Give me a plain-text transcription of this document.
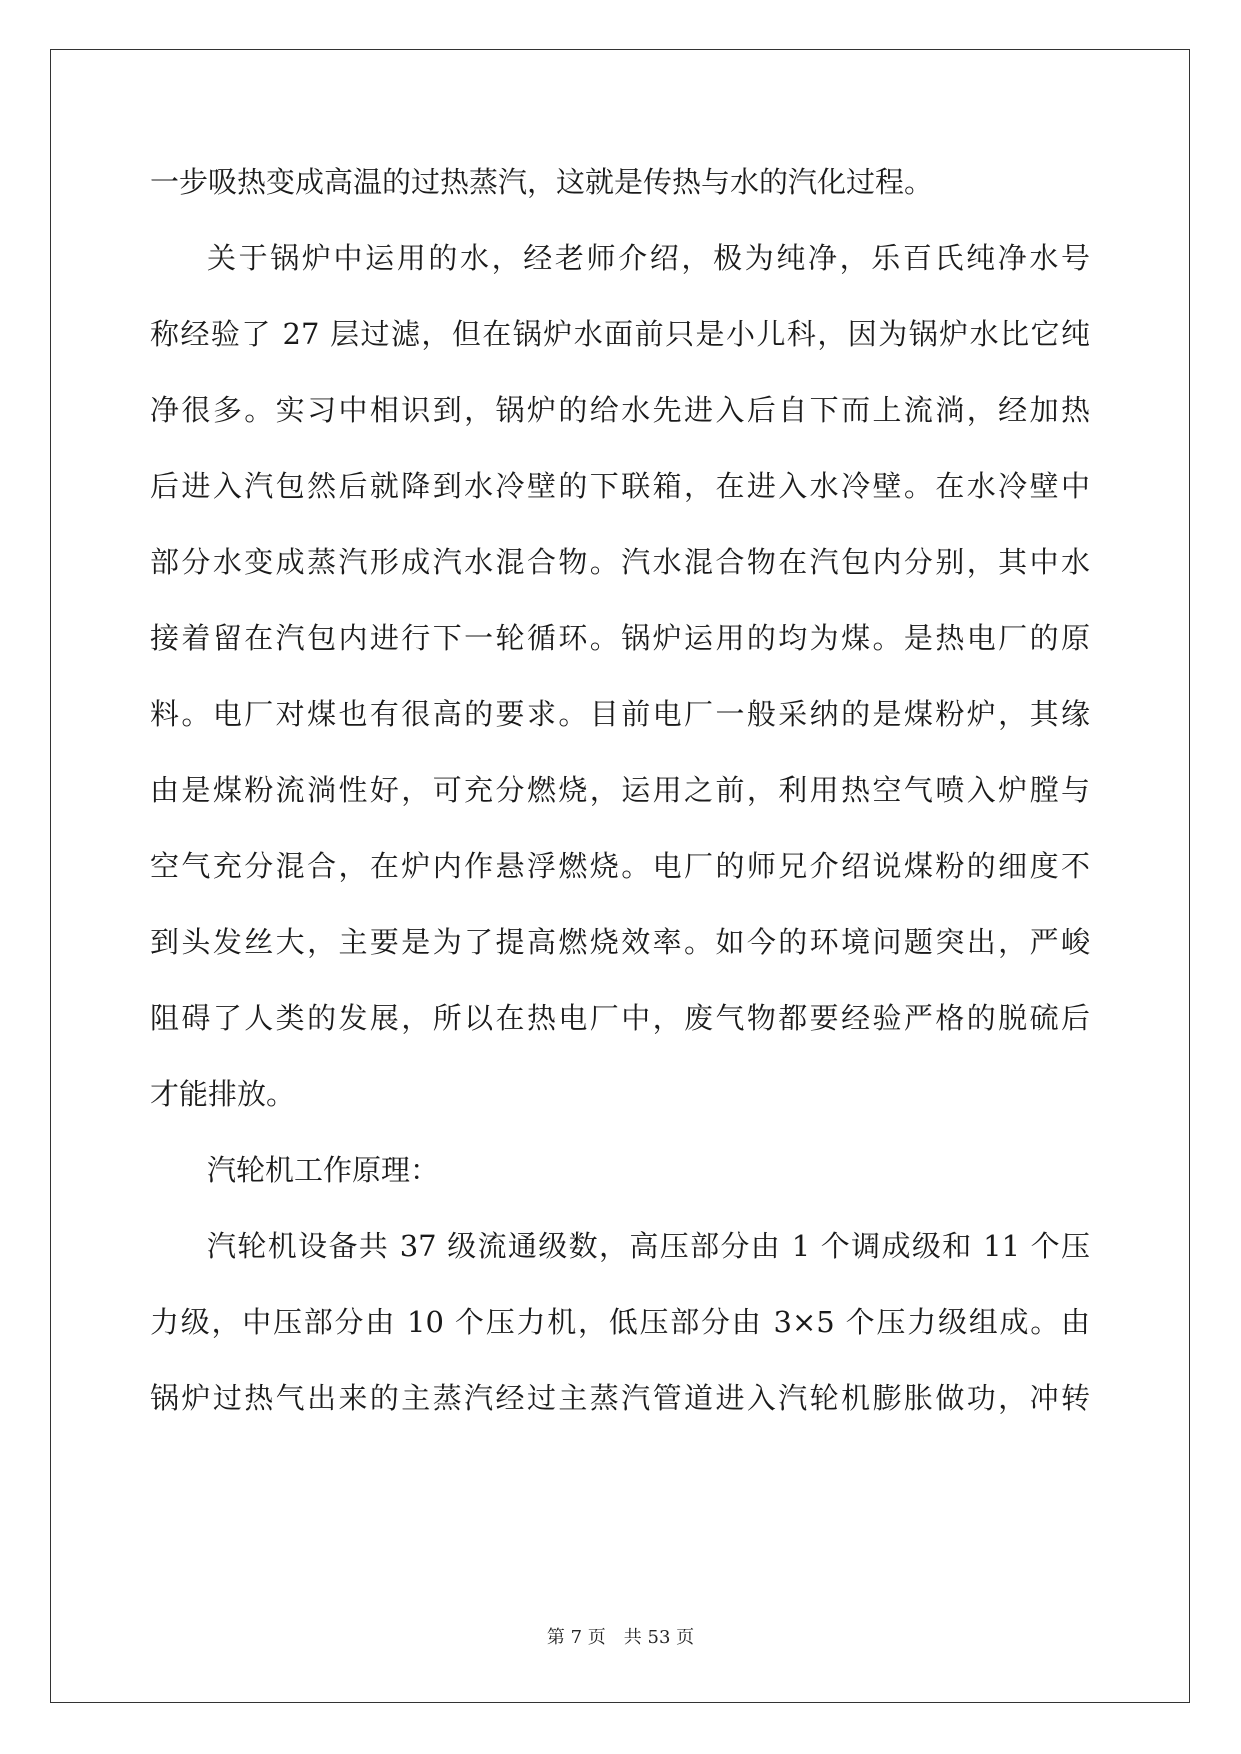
一步吸热变成高温的过热蒸汽，这就是传热与水的汽化过程。
关于锅炉中运用的水，经老师介绍，极为纯净，乐百氏纯净水号
称经验了 27 层过滤，但在锅炉水面前只是小儿科，因为锅炉水比它纯
净很多。实习中相识到，锅炉的给水先进入后自下而上流淌，经加热
后进入汽包然后就降到水冷壁的下联箱，在进入水冷壁。在水冷壁中
部分水变成蒸汽形成汽水混合物。汽水混合物在汽包内分别，其中水
接着留在汽包内进行下一轮循环。锅炉运用的均为煤。是热电厂的原
料。电厂对煤也有很高的要求。目前电厂一般采纳的是煤粉炉，其缘
由是煤粉流淌性好，可充分燃烧，运用之前，利用热空气喷入炉膛与
空气充分混合，在炉内作悬浮燃烧。电厂的师兄介绍说煤粉的细度不
到头发丝大，主要是为了提高燃烧效率。如今的环境问题突出，严峻
阻碍了人类的发展，所以在热电厂中，废气物都要经验严格的脱硫后
才能排放。
汽轮机工作原理：
汽轮机设备共 37 级流通级数，高压部分由 1 个调成级和 11 个压
力级，中压部分由 10 个压力机，低压部分由 3×5 个压力级组成。由
锅炉过热气出来的主蒸汽经过主蒸汽管道进入汽轮机膨胀做功，冲转
第 7 页 共 53 页
